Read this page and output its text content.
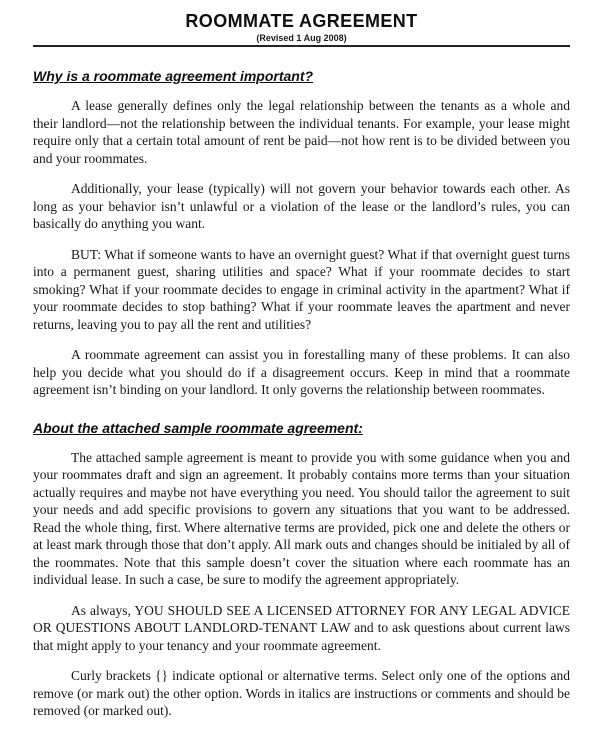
ROOMMATE AGREEMENT
(Revised 1 Aug 2008)
Why is a roommate agreement important?

A lease generally defines only the legal relationship between the tenants as a whole and their landlord—not the relationship between the individual tenants. For example, your lease might require only that a certain total amount of rent be paid—not how rent is to be divided between you and your roommates.

Additionally, your lease (typically) will not govern your behavior towards each other. As long as your behavior isn’t unlawful or a violation of the lease or the landlord’s rules, you can basically do anything you want.

BUT: What if someone wants to have an overnight guest? What if that overnight guest turns into a permanent guest, sharing utilities and space? What if your roommate decides to start smoking? What if your roommate decides to engage in criminal activity in the apartment? What if your roommate decides to stop bathing? What if your roommate leaves the apartment and never returns, leaving you to pay all the rent and utilities?

A roommate agreement can assist you in forestalling many of these problems. It can also help you decide what you should do if a disagreement occurs. Keep in mind that a roommate agreement isn’t binding on your landlord. It only governs the relationship between roommates.

About the attached sample roommate agreement:

The attached sample agreement is meant to provide you with some guidance when you and your roommates draft and sign an agreement. It probably contains more terms than your situation actually requires and maybe not have everything you need. You should tailor the agreement to suit your needs and add specific provisions to govern any situations that you want to be addressed. Read the whole thing, first. Where alternative terms are provided, pick one and delete the others or at least mark through those that don’t apply. All mark outs and changes should be initialed by all of the roommates. Note that this sample doesn’t cover the situation where each roommate has an individual lease. In such a case, be sure to modify the agreement appropriately.

As always, YOU SHOULD SEE A LICENSED ATTORNEY FOR ANY LEGAL ADVICE OR QUESTIONS ABOUT LANDLORD-TENANT LAW and to ask questions about current laws that might apply to your tenancy and your roommate agreement.

Curly brackets {} indicate optional or alternative terms. Select only one of the options and remove (or mark out) the other option. Words in italics are instructions or comments and should be removed (or marked out).
